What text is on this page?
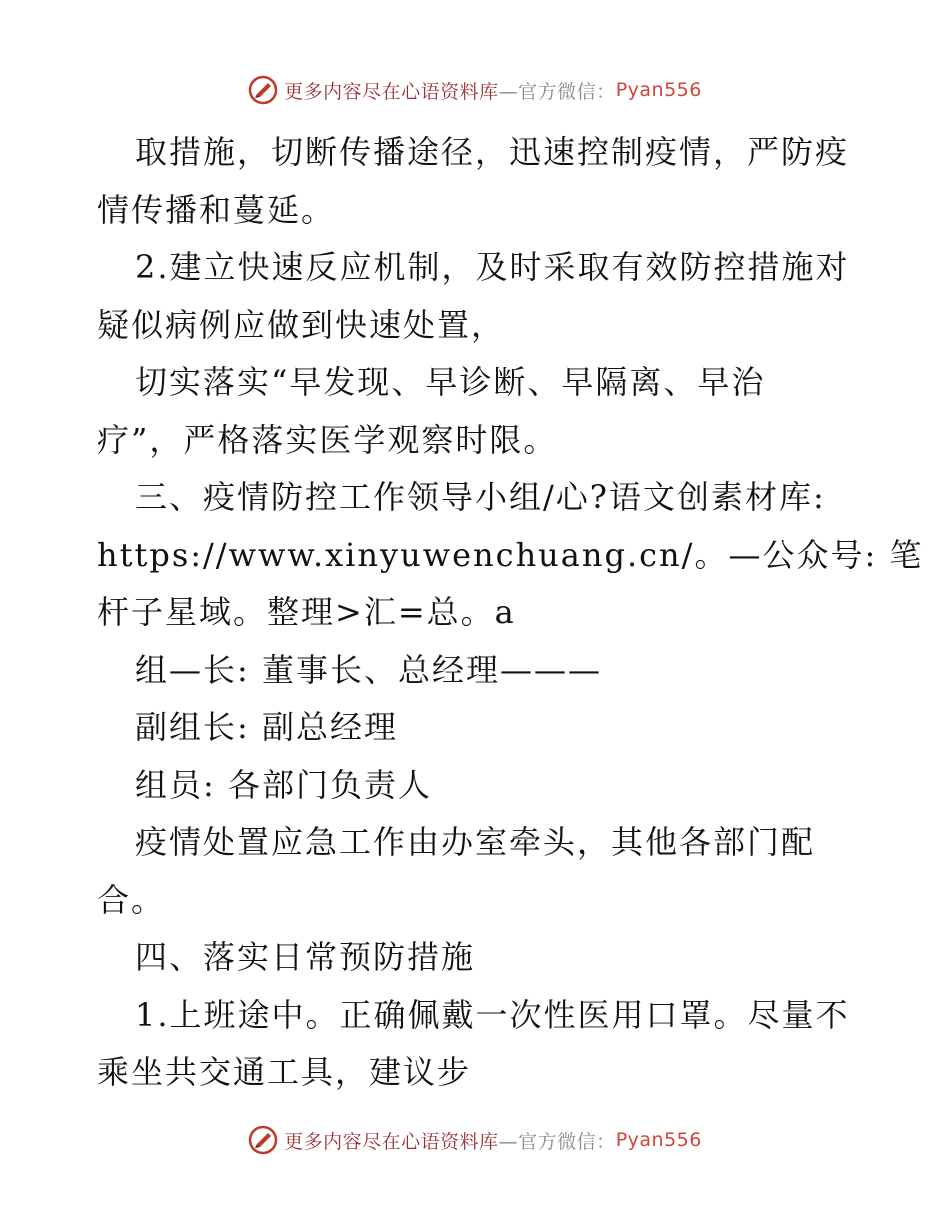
更多内容尽在心语资料库 —官方微信： Pyan556
取措施，切断传播途径，迅速控制疫情，严防疫
情传播和蔓延。
2.建立快速反应机制，及时采取有效防控措施对
疑似病例应做到快速处置，
切实落实“早发现、早诊断、早隔离、早治
疗”，严格落实医学观察时限。
三、疫情防控工作领导小组/心?语文创素材库:
https://www.xinyuwenchuang.cn/。—公众号: 笔
杆子星域。整理>汇=总。a
组—长: 董事长、总经理———
副组长: 副总经理
组员: 各部门负责人
疫情处置应急工作由办室牵头，其他各部门配
合。
四、落实日常预防措施
1.上班途中。正确佩戴一次性医用口罩。尽量不
乘坐共交通工具，建议步
更多内容尽在心语资料库 —官方微信： Pyan556
